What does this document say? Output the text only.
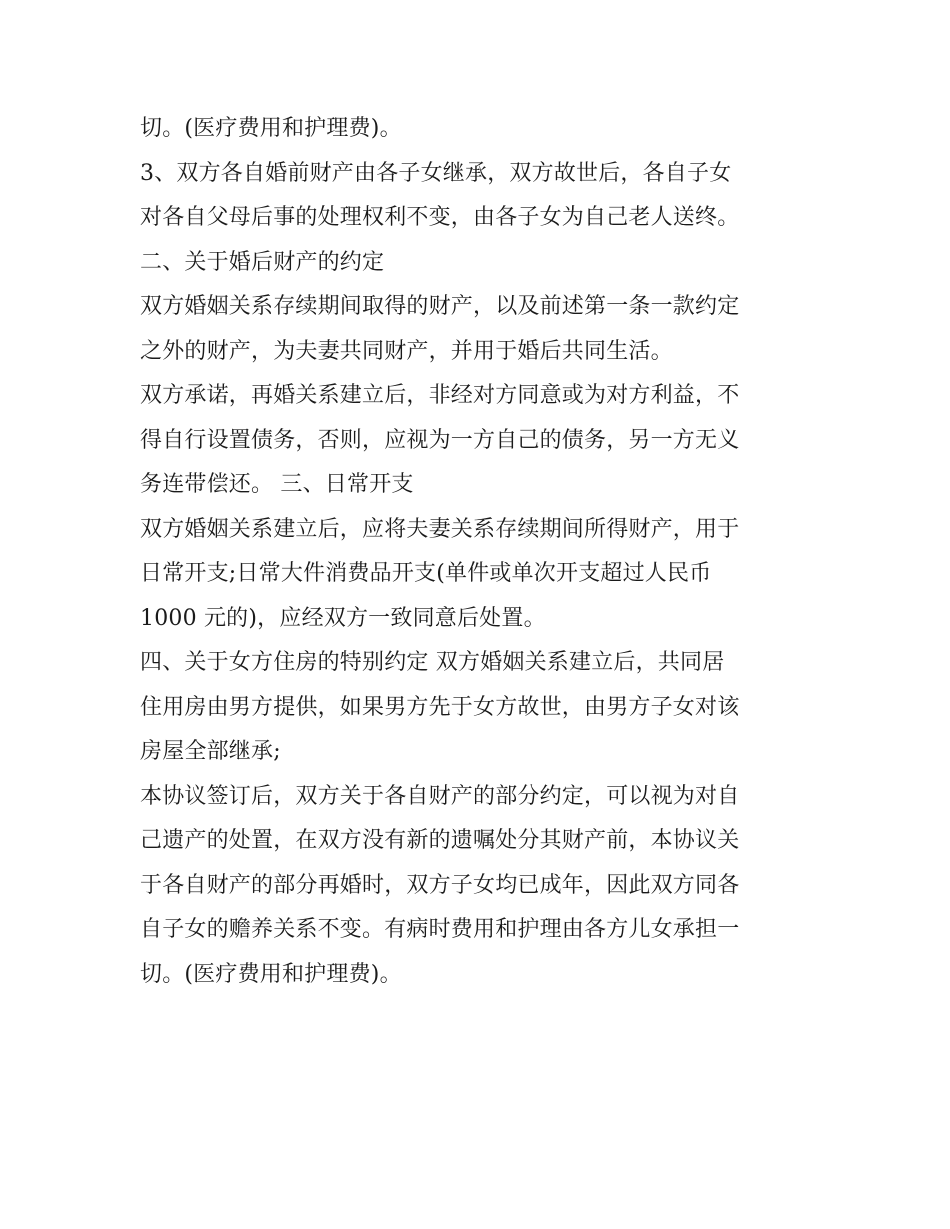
切。(医疗费用和护理费)。
3、双方各自婚前财产由各子女继承，双方故世后，各自子女
对各自父母后事的处理权利不变，由各子女为自己老人送终。
二、关于婚后财产的约定
双方婚姻关系存续期间取得的财产，以及前述第一条一款约定
之外的财产，为夫妻共同财产，并用于婚后共同生活。
双方承诺，再婚关系建立后，非经对方同意或为对方利益，不
得自行设置债务，否则，应视为一方自己的债务，另一方无义
务连带偿还。 三、日常开支
双方婚姻关系建立后，应将夫妻关系存续期间所得财产，用于
日常开支;日常大件消费品开支(单件或单次开支超过人民币
1000 元的)，应经双方一致同意后处置。
四、关于女方住房的特别约定 双方婚姻关系建立后，共同居
住用房由男方提供，如果男方先于女方故世，由男方子女对该
房屋全部继承;
本协议签订后，双方关于各自财产的部分约定，可以视为对自
己遗产的处置，在双方没有新的遗嘱处分其财产前，本协议关
于各自财产的部分再婚时，双方子女均已成年，因此双方同各
自子女的赡养关系不变。有病时费用和护理由各方儿女承担一
切。(医疗费用和护理费)。
